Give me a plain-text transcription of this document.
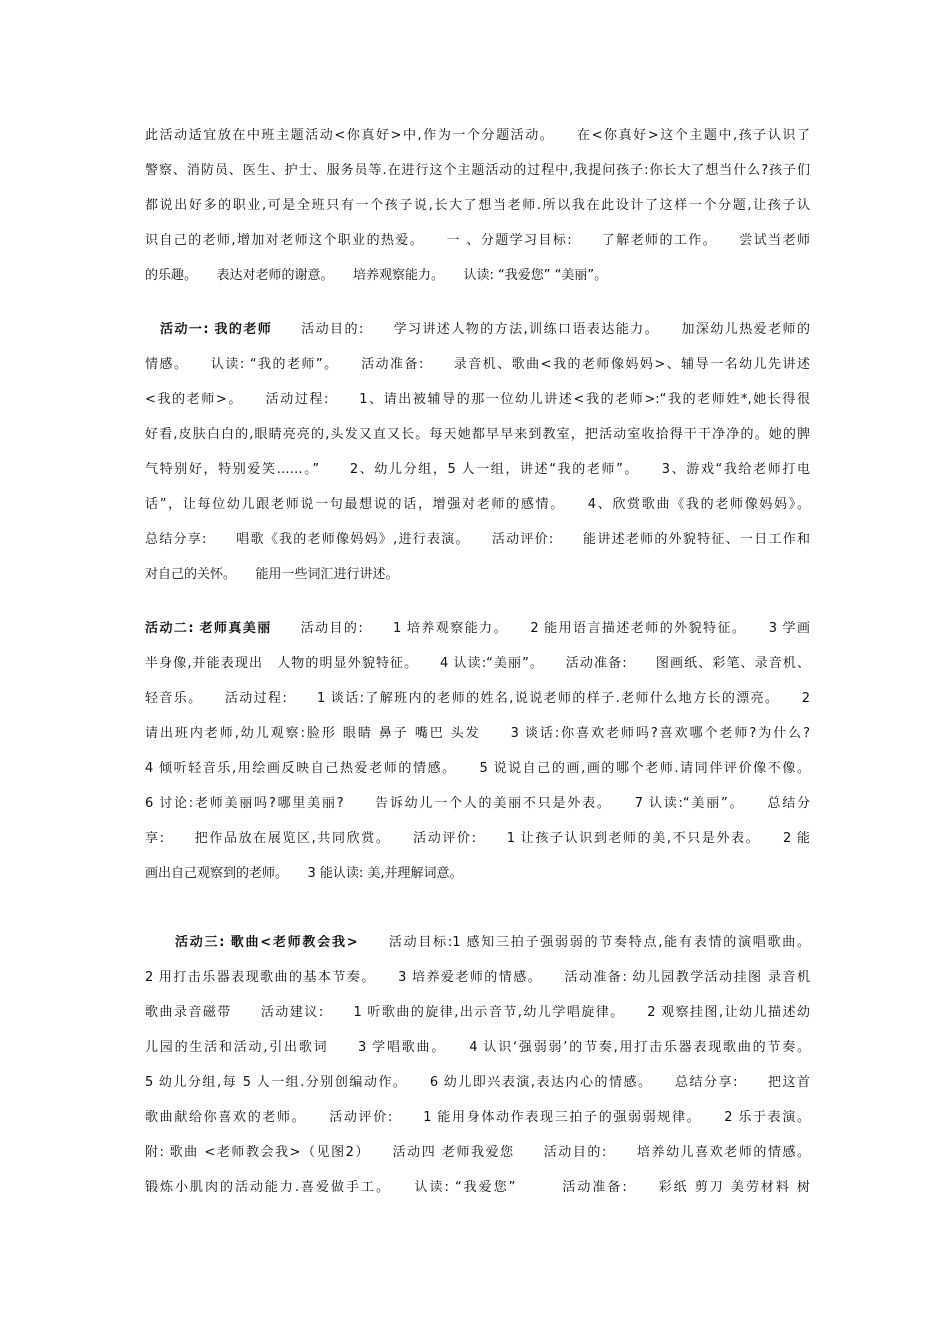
此活动适宜放在中班主题活动<你真好>中,作为一个分题活动。　　在<你真好>这个主题中,孩子认识了
警察、消防员、医生、护士、服务员等.在进行这个主题活动的过程中,我提问孩子:你长大了想当什么?孩子们
都说出好多的职业,可是全班只有一个孩子说,长大了想当老师.所以我在此设计了这样一个分题,让孩子认
识自己的老师,增加对老师这个职业的热爱。　　一 、分题学习目标:　　了解老师的工作。　　尝试当老师
的乐趣。　　表达对老师的谢意。　　培养观察能力。　　认读: “我爱您” “美丽”。
活动一: 我的老师　　活动目的:　　学习讲述人物的方法,训练口语表达能力。　　加深幼儿热爱老师的
情感。　　认读: “我的老师”。　　活动准备:　　录音机、歌曲<我的老师像妈妈>、辅导一名幼儿先讲述
<我的老师>。　　活动过程:　　1、请出被辅导的那一位幼儿讲述<我的老师>:“我的老师姓*,她长得很
好看,皮肤白白的,眼睛亮亮的,头发又直又长。每天她都早早来到教室，把活动室收拾得干干净净的。她的脾
气特别好，特别爱笑……。”　　2、幼儿分组，5 人一组，讲述“我的老师”。　　3、游戏“我给老师打电
话”，让每位幼儿跟老师说一句最想说的话，增强对老师的感情。　　4、欣赏歌曲《我的老师像妈妈》。
总结分享:　　唱歌《我的老师像妈妈》,进行表演。　　活动评价:　　能讲述老师的外貌特征、一日工作和
对自己的关怀。　　能用一些词汇进行讲述。
活动二: 老师真美丽　　活动目的:　　1 培养观察能力。　　2 能用语言描述老师的外貌特征。　　3 学画
半身像,并能表现出　人物的明显外貌特征。　　4 认读:“美丽”。　　活动准备:　　图画纸、彩笔、录音机、
轻音乐。　　活动过程:　　1 谈话:了解班内的老师的姓名,说说老师的样子.老师什么地方长的漂亮。　　2
请出班内老师,幼儿观察:脸形 眼睛 鼻子 嘴巴 头发　　3 谈话:你喜欢老师吗?喜欢哪个老师?为什么?
4 倾听轻音乐,用绘画反映自己热爱老师的情感。　　5 说说自己的画,画的哪个老师.请同伴评价像不像。
6 讨论:老师美丽吗?哪里美丽?　　告诉幼儿一个人的美丽不只是外表。　　7 认读:“美丽”。　　总结分
享:　　把作品放在展览区,共同欣赏。　　活动评价:　　1 让孩子认识到老师的美,不只是外表。　　2 能
画出自己观察到的老师。　　3 能认读: 美,并理解词意。
活动三: 歌曲<老师教会我>　　活动目标:1 感知三拍子强弱弱的节奏特点,能有表情的演唱歌曲。
2 用打击乐器表现歌曲的基本节奏。　　3 培养爱老师的情感。　　活动准备: 幼儿园教学活动挂图 录音机
歌曲录音磁带　　活动建议:　　1 听歌曲的旋律,出示音节,幼儿学唱旋律。　　2 观察挂图,让幼儿描述幼
儿园的生活和活动,引出歌词　　3 学唱歌曲。　　4 认识‘强弱弱’的节奏,用打击乐器表现歌曲的节奏。
5 幼儿分组,每 5 人一组.分别创编动作。　　6 幼儿即兴表演,表达内心的情感。　　总结分享:　　把这首
歌曲献给你喜欢的老师。　　活动评价:　　1 能用身体动作表现三拍子的强弱弱规律。　　2 乐于表演。
附: 歌曲 <老师教会我>（见图2）　　活动四 老师我爱您　　活动目的:　　培养幼儿喜欢老师的情感。
锻炼小肌肉的活动能力.喜爱做手工。　　认读: “我爱您”　　　活动准备:　　彩纸 剪刀 美劳材料 树
